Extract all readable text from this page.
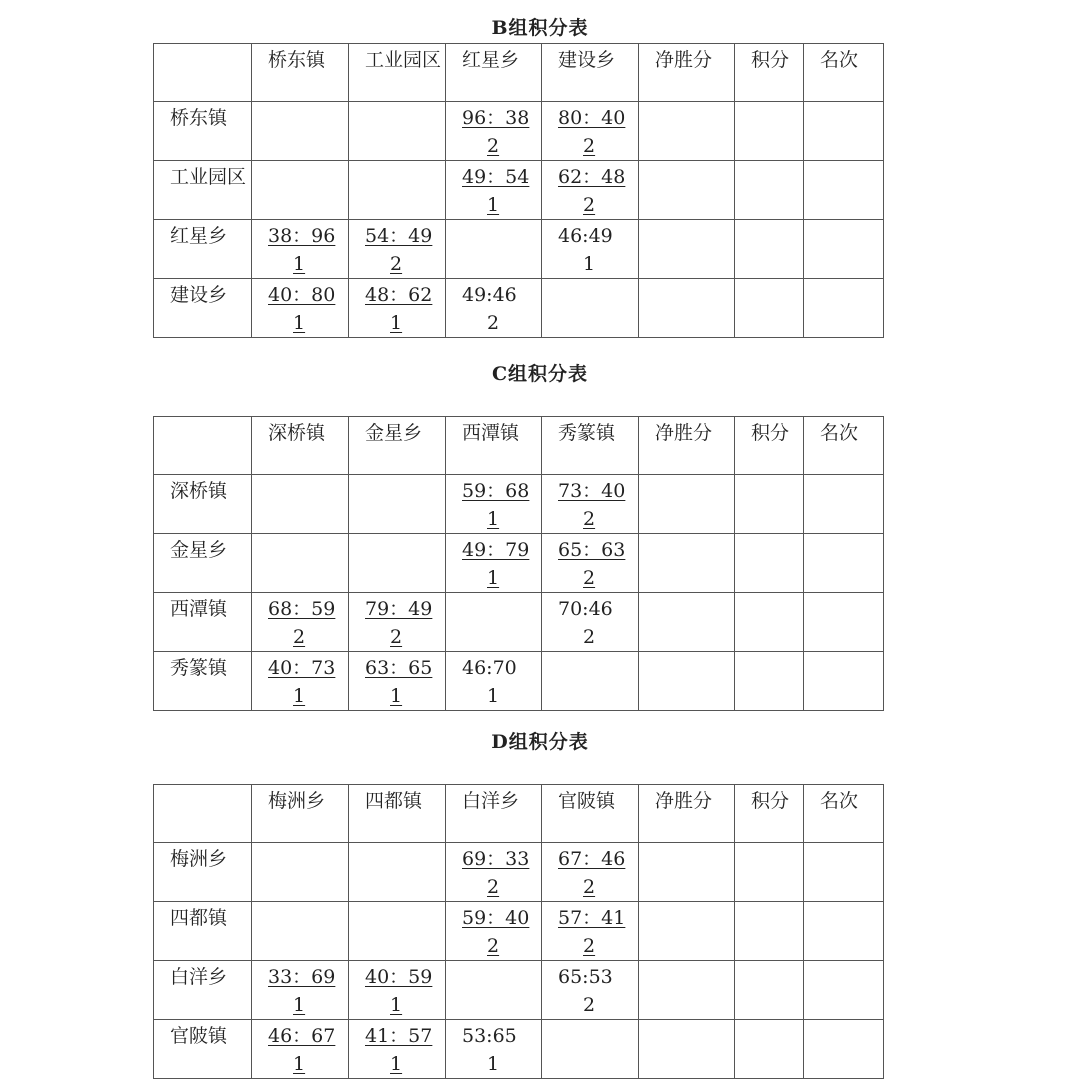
B组积分表

	桥东镇	工业园区	红星乡	建设乡	净胜分	积分	名次

桥东镇			96：38
2	80：40
2			

工业园区			49：54
1	62：48
2			

红星乡	38：96
1	54：49
2		46:49
1			

建设乡	40：80
1	48：62
1	49:46
2				

C组积分表

	深桥镇	金星乡	西潭镇	秀篆镇	净胜分	积分	名次

深桥镇			59：68
1	73：40
2			

金星乡			49：79
1	65：63
2			

西潭镇	68：59
2	79：49
2		70:46
2			

秀篆镇	40：73
1	63：65
1	46:70
1				

D组积分表

	梅洲乡	四都镇	白洋乡	官陂镇	净胜分	积分	名次

梅洲乡			69：33
2	67：46
2			

四都镇			59：40
2	57：41
2			

白洋乡	33：69
1	40：59
1		65:53
2			

官陂镇	46：67
1	41：57
1	53:65
1				
